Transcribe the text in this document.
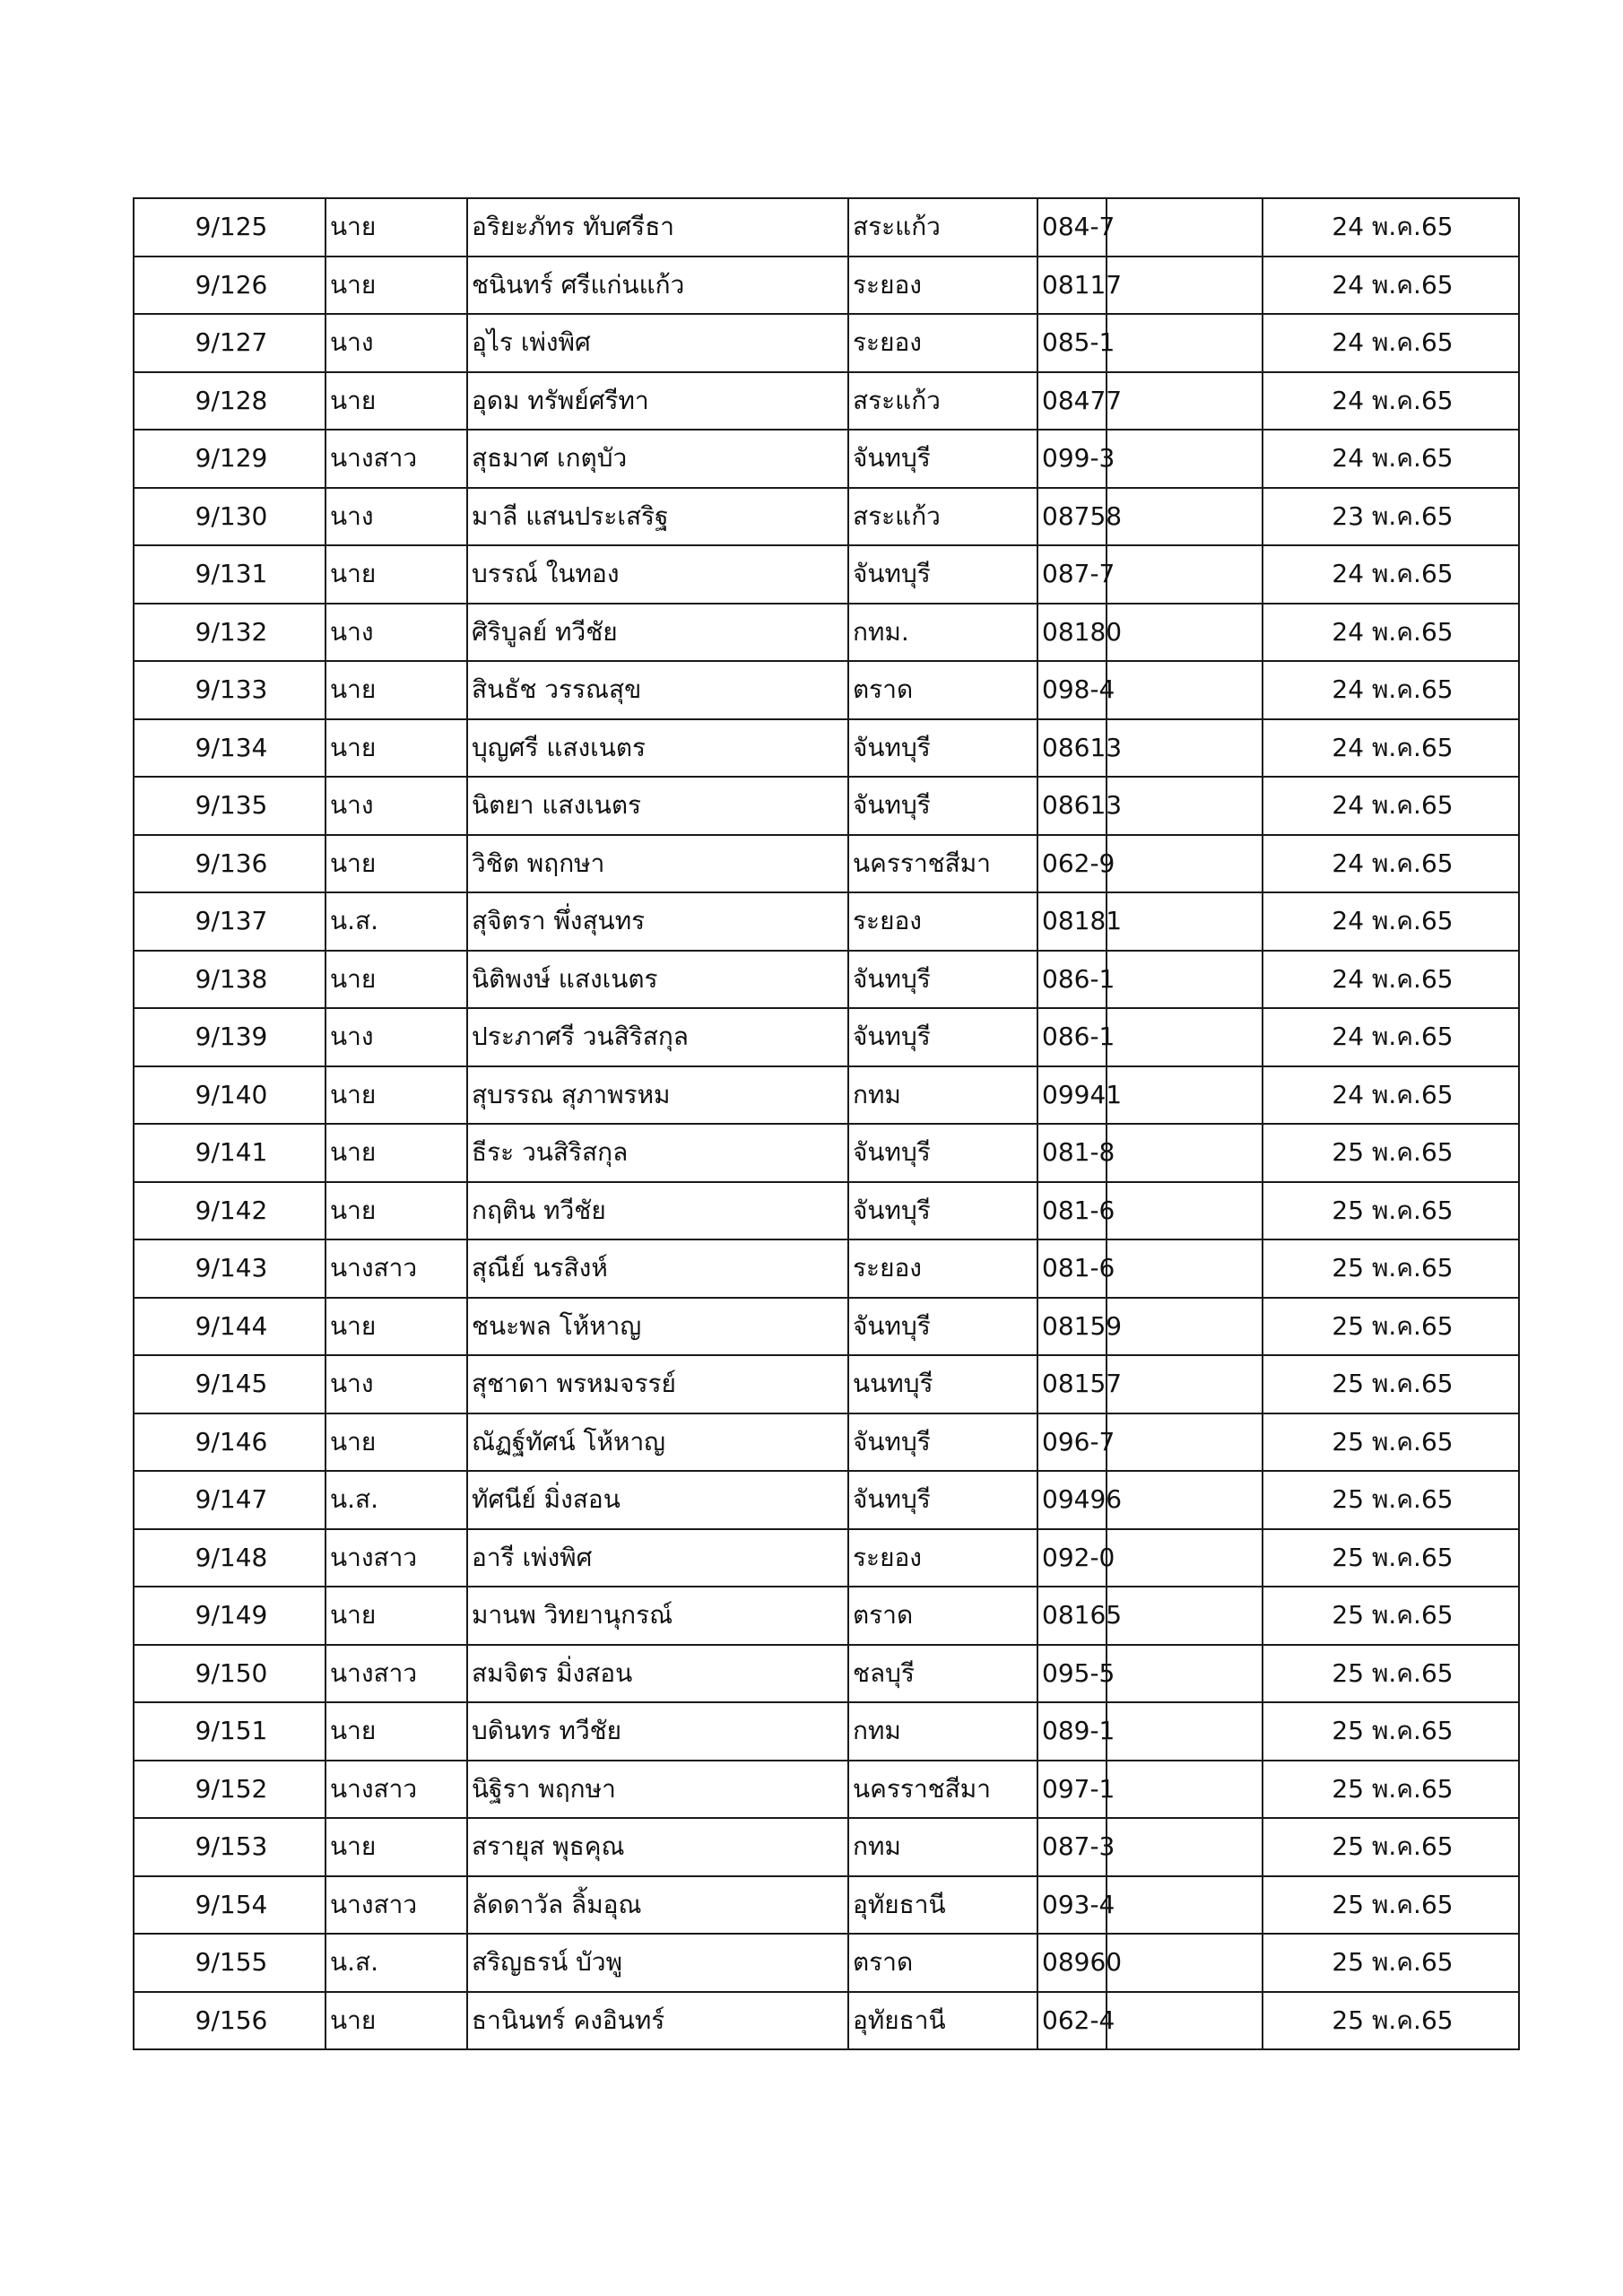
9/125	นาย	อริยะภัทร ทับศรีธา	สระแก้ว	084-7		24 พ.ค.65
9/126	นาย	ชนินทร์ ศรีแก่นแก้ว	ระยอง	08117		24 พ.ค.65
9/127	นาง	อุไร เพ่งพิศ	ระยอง	085-1		24 พ.ค.65
9/128	นาย	อุดม ทรัพย์ศรีทา	สระแก้ว	08477		24 พ.ค.65
9/129	นางสาว	สุธมาศ เกตุบัว	จันทบุรี	099-3		24 พ.ค.65
9/130	นาง	มาลี แสนประเสริฐ	สระแก้ว	08758		23 พ.ค.65
9/131	นาย	บรรณ์ ในทอง	จันทบุรี	087-7		24 พ.ค.65
9/132	นาง	ศิริบูลย์ ทวีชัย	กทม.	08180		24 พ.ค.65
9/133	นาย	สินธัช วรรณสุข	ตราด	098-4		24 พ.ค.65
9/134	นาย	บุญศรี แสงเนตร	จันทบุรี	08613		24 พ.ค.65
9/135	นาง	นิตยา แสงเนตร	จันทบุรี	08613		24 พ.ค.65
9/136	นาย	วิชิต พฤกษา	นครราชสีมา	062-9		24 พ.ค.65
9/137	น.ส.	สุจิตรา พึ่งสุนทร	ระยอง	08181		24 พ.ค.65
9/138	นาย	นิติพงษ์ แสงเนตร	จันทบุรี	086-1		24 พ.ค.65
9/139	นาง	ประภาศรี วนสิริสกุล	จันทบุรี	086-1		24 พ.ค.65
9/140	นาย	สุบรรณ สุภาพรหม	กทม	09941		24 พ.ค.65
9/141	นาย	ธีระ วนสิริสกุล	จันทบุรี	081-8		25 พ.ค.65
9/142	นาย	กฤติน ทวีชัย	จันทบุรี	081-6		25 พ.ค.65
9/143	นางสาว	สุณีย์ นรสิงห์	ระยอง	081-6		25 พ.ค.65
9/144	นาย	ชนะพล โห้หาญ	จันทบุรี	08159		25 พ.ค.65
9/145	นาง	สุชาดา พรหมจรรย์	นนทบุรี	08157		25 พ.ค.65
9/146	นาย	ณัฏฐ์ทัศน์ โห้หาญ	จันทบุรี	096-7		25 พ.ค.65
9/147	น.ส.	ทัศนีย์ มิ่งสอน	จันทบุรี	09496		25 พ.ค.65
9/148	นางสาว	อารี เพ่งพิศ	ระยอง	092-0		25 พ.ค.65
9/149	นาย	มานพ วิทยานุกรณ์	ตราด	08165		25 พ.ค.65
9/150	นางสาว	สมจิตร มิ่งสอน	ชลบุรี	095-5		25 พ.ค.65
9/151	นาย	บดินทร ทวีชัย	กทม	089-1		25 พ.ค.65
9/152	นางสาว	นิฐิรา พฤกษา	นครราชสีมา	097-1		25 พ.ค.65
9/153	นาย	สรายุส พุธคุณ	กทม	087-3		25 พ.ค.65
9/154	นางสาว	ลัดดาวัล ลิ้มอุณ	อุทัยธานี	093-4		25 พ.ค.65
9/155	น.ส.	สริญธรน์ บัวพู	ตราด	08960		25 พ.ค.65
9/156	นาย	ธานินทร์ คงอินทร์	อุทัยธานี	062-4		25 พ.ค.65
